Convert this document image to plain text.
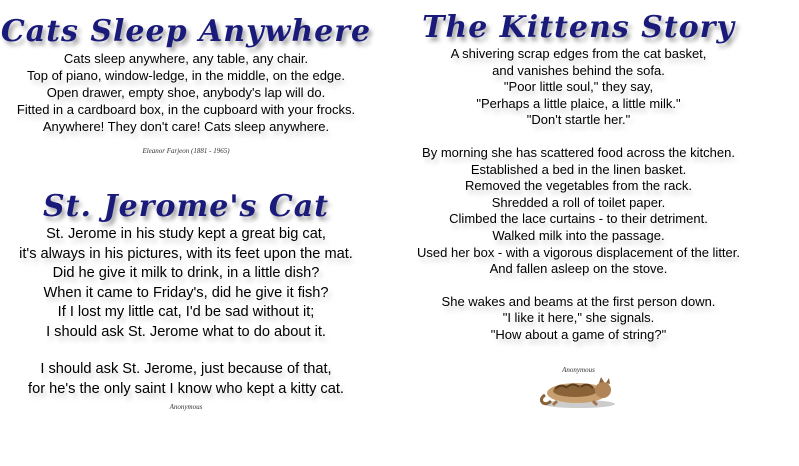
Cats Sleep Anywhere
Cats sleep anywhere, any table, any chair.
Top of piano, window-ledge, in the middle, on the edge.
Open drawer, empty shoe, anybody's lap will do.
Fitted in a cardboard box, in the cupboard with your frocks.
Anywhere! They don't care! Cats sleep anywhere.
Eleanor Farjeon (1881 - 1965)
St. Jerome's Cat
St. Jerome in his study kept a great big cat,
it's always in his pictures, with its feet upon the mat.
Did he give it milk to drink, in a little dish?
When it came to Friday's, did he give it fish?
If I lost my little cat, I'd be sad without it;
I should ask St. Jerome what to do about it.
I should ask St. Jerome, just because of that,
for he's the only saint I know who kept a kitty cat.
Anonymous
The Kittens Story
A shivering scrap edges from the cat basket,
and vanishes behind the sofa.
"Poor little soul," they say,
"Perhaps a little plaice, a little milk."
"Don't startle her."
By morning she has scattered food across the kitchen.
Established a bed in the linen basket.
Removed the vegetables from the rack.
Shredded a roll of toilet paper.
Climbed the lace curtains - to their detriment.
Walked milk into the passage.
Used her box - with a vigorous displacement of the litter.
And fallen asleep on the stove.
She wakes and beams at the first person down.
"I like it here," she signals.
"How about a game of string?"
Anonymous
